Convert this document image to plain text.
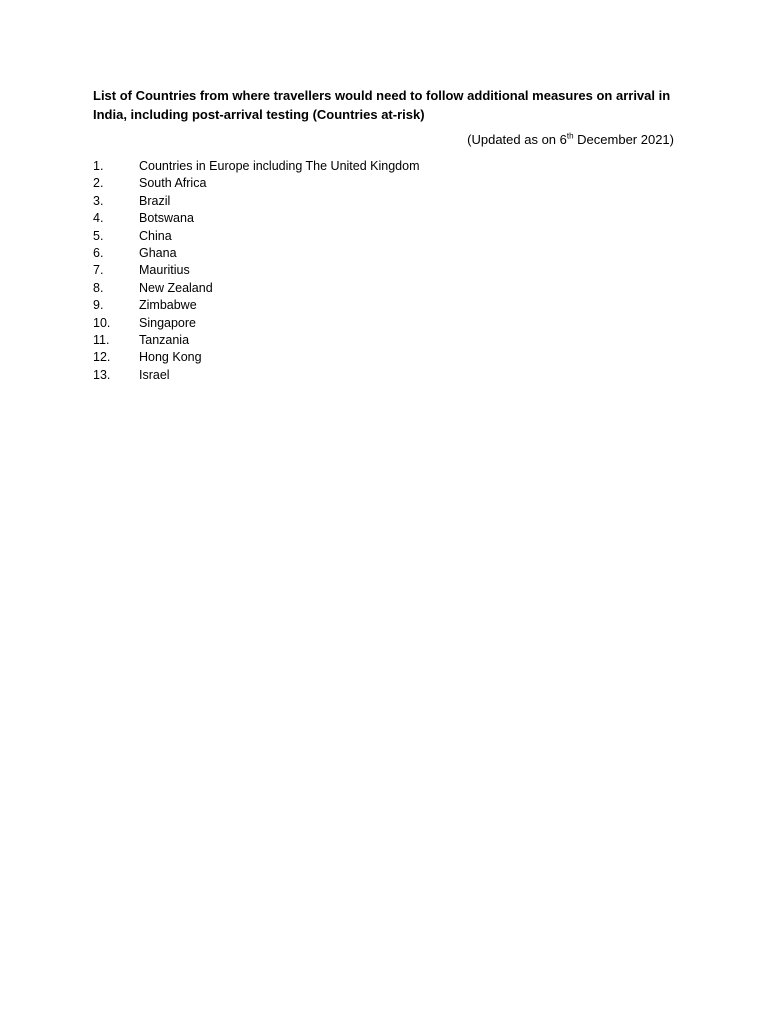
List of Countries from where travellers would need to follow additional measures on arrival in India, including post-arrival testing (Countries at-risk)
(Updated as on 6th December 2021)
1.	Countries in Europe including The United Kingdom
2.	South Africa
3.	Brazil
4.	Botswana
5.	China
6.	Ghana
7.	Mauritius
8.	New Zealand
9.	Zimbabwe
10.	Singapore
11.	Tanzania
12.	Hong Kong
13.	Israel
